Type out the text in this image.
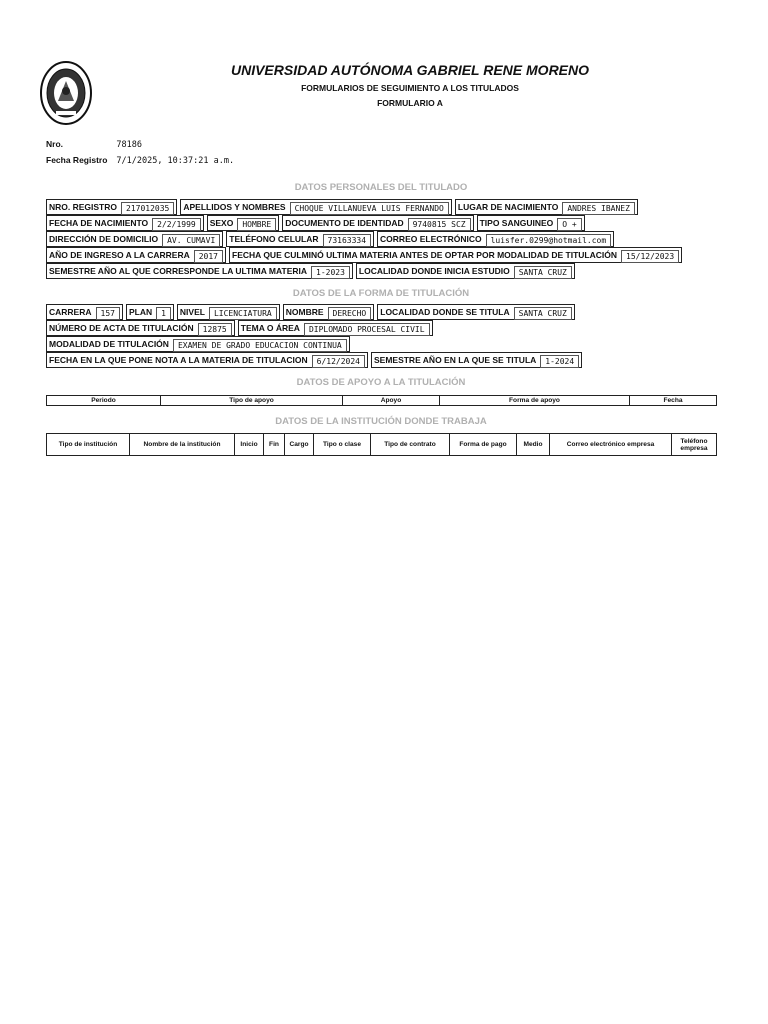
UNIVERSIDAD AUTÓNOMA GABRIEL RENE MORENO
FORMULARIOS DE SEGUIMIENTO A LOS TITULADOS
FORMULARIO A
Nro.	78186
Fecha Registro 7/1/2025, 10:37:21 a.m.
DATOS PERSONALES DEL TITULADO
NRO. REGISTRO	217012035	APELLIDOS Y NOMBRES	CHOQUE VILLANUEVA LUIS FERNANDO	LUGAR DE NACIMIENTO	ANDRES IBANEZ
FECHA DE NACIMIENTO	2/2/1999	SEXO	HOMBRE	DOCUMENTO DE IDENTIDAD	9740815 SCZ	TIPO SANGUINEO	O +
DIRECCIÓN DE DOMICILIO	AV. CUMAVI	TELÉFONO CELULAR	73163334	CORREO ELECTRÓNICO	luisfer.0299@hotmail.com
AÑO DE INGRESO A LA CARRERA	2017	FECHA QUE CULMINÓ ULTIMA MATERIA ANTES DE OPTAR POR MODALIDAD DE TITULACIÓN	15/12/2023
SEMESTRE AÑO AL QUE CORRESPONDE LA ULTIMA MATERIA	1-2023	LOCALIDAD DONDE INICIA ESTUDIO	SANTA CRUZ
DATOS DE LA FORMA DE TITULACIÓN
CARRERA	157	PLAN	1	NIVEL	LICENCIATURA	NOMBRE	DERECHO	LOCALIDAD DONDE SE TITULA	SANTA CRUZ
NÚMERO DE ACTA DE TITULACIÓN	12875	TEMA O ÁREA	DIPLOMADO PROCESAL CIVIL
MODALIDAD DE TITULACIÓN	EXAMEN DE GRADO EDUCACION CONTINUA
FECHA EN LA QUE PONE NOTA A LA MATERIA DE TITULACION	6/12/2024	SEMESTRE AÑO EN LA QUE SE TITULA	1-2024
DATOS DE APOYO A LA TITULACIÓN
Periodo	Tipo de apoyo	Apoyo	Forma de apoyo	Fecha
DATOS DE LA INSTITUCIÓN DONDE TRABAJA
Tipo de institución	Nombre de la institución	Inicio	Fin	Cargo	Tipo o clase	Tipo de contrato	Forma de pago	Medio	Correo electrónico empresa	Teléfono empresa
